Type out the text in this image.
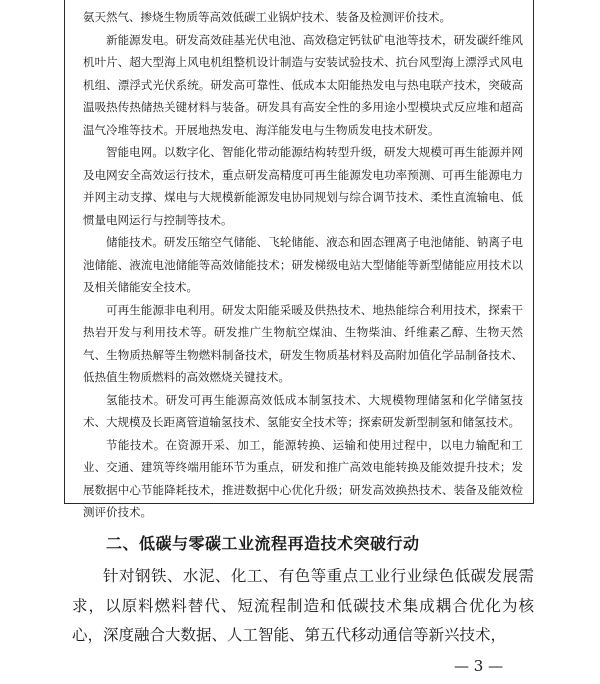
氨天然气、掺烧生物质等高效低碳工业锅炉技术、装备及检测评价技术。

新能源发电。研发高效硅基光伏电池、高效稳定钙钛矿电池等技术，研发碳纤维风机叶片、超大型海上风电机组整机设计制造与安装试验技术、抗台风型海上漂浮式风电机组、漂浮式光伏系统。研发高可靠性、低成本太阳能热发电与热电联产技术，突破高温吸热传热储热关键材料与装备。研发具有高安全性的多用途小型模块式反应堆和超高温气冷堆等技术。开展地热发电、海洋能发电与生物质发电技术研发。

智能电网。以数字化、智能化带动能源结构转型升级，研发大规模可再生能源并网及电网安全高效运行技术，重点研发高精度可再生能源发电功率预测、可再生能源电力并网主动支撑、煤电与大规模新能源发电协同规划与综合调节技术、柔性直流输电、低惯量电网运行与控制等技术。

储能技术。研发压缩空气储能、飞轮储能、液态和固态锂离子电池储能、钠离子电池储能、液流电池储能等高效储能技术；研发梯级电站大型储能等新型储能应用技术以及相关储能安全技术。

可再生能源非电利用。研发太阳能采暖及供热技术、地热能综合利用技术，探索干热岩开发与利用技术等。研发推广生物航空煤油、生物柴油、纤维素乙醇、生物天然气、生物质热解等生物燃料制备技术，研发生物质基材料及高附加值化学品制备技术、低热值生物质燃料的高效燃烧关键技术。

氢能技术。研发可再生能源高效低成本制氢技术、大规模物理储氢和化学储氢技术、大规模及长距离管道输氢技术、氢能安全技术等；探索研发新型制氢和储氢技术。

节能技术。在资源开采、加工，能源转换、运输和使用过程中，以电力输配和工业、交通、建筑等终端用能环节为重点，研发和推广高效电能转换及能效提升技术；发展数据中心节能降耗技术，推进数据中心优化升级；研发高效换热技术、装备及能效检测评价技术。

二、低碳与零碳工业流程再造技术突破行动

针对钢铁、水泥、化工、有色等重点工业行业绿色低碳发展需求，以原料燃料替代、短流程制造和低碳技术集成耦合优化为核心，深度融合大数据、人工智能、第五代移动通信等新兴技术，

— 3 —
